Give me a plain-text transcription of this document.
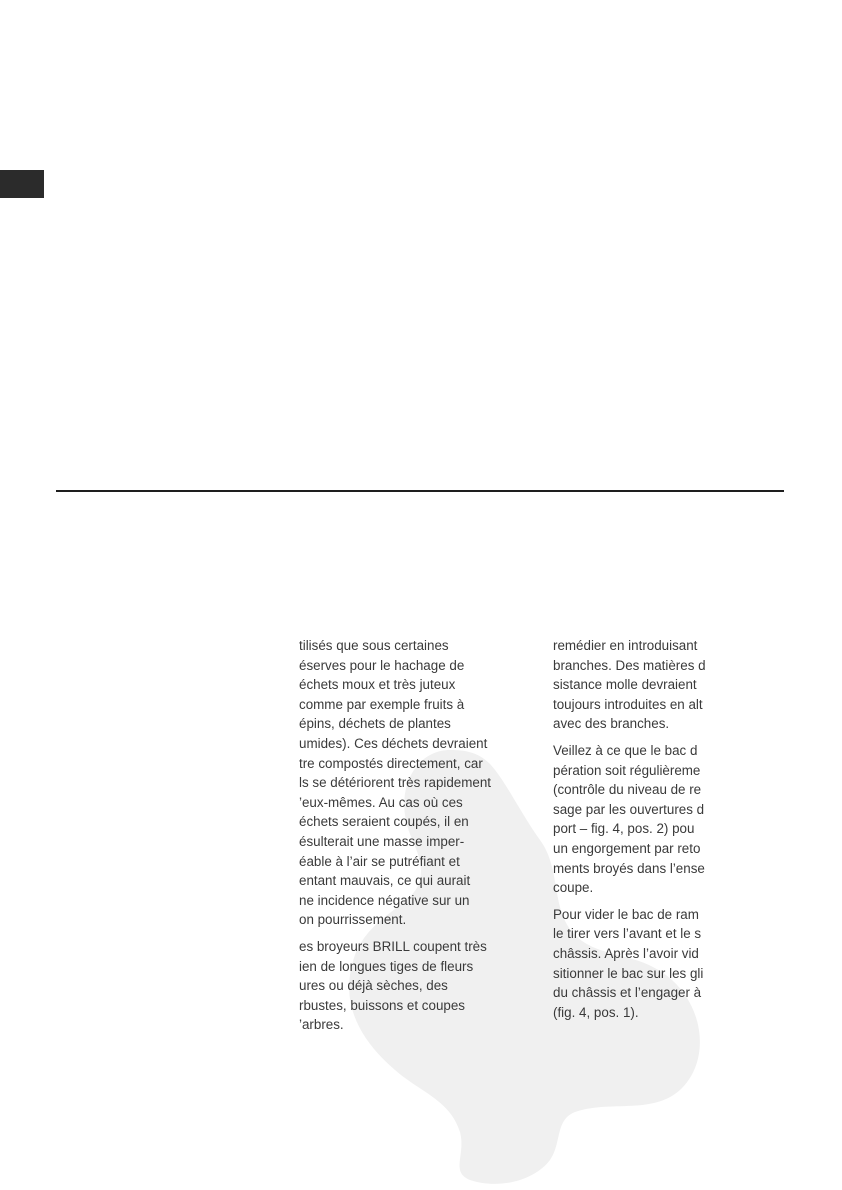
tilisés que sous certaines
éserves pour le hachage de
échets moux et très juteux
comme par exemple fruits à
épins, déchets de plantes
umides). Ces déchets devraient
tre compostés directement, car
ls se détériorent très rapidement
’eux-mêmes. Au cas où ces
échets seraient coupés, il en
ésulterait une masse imper-
éable à l’air se putréfiant et
entant mauvais, ce qui aurait
ne incidence négative sur un
on pourrissement.
es broyeurs BRILL coupent très
ien de longues tiges de fleurs
ures ou déjà sèches, des
rbustes, buissons et coupes
’arbres.
remédier en introduisant
branches. Des matières d
sistance molle devraient
toujours introduites en alt
avec des branches.
Veillez à ce que le bac d
pération soit régulièreme
(contrôle du niveau de re
sage par les ouvertures d
port – fig. 4, pos. 2) pou
un engorgement par reto
ments broyés dans l’ense
coupe.
Pour vider le bac de ram
le tirer vers l’avant et le s
châssis. Après l’avoir vid
sitionner le bac sur les gli
du châssis et l’engager à
(fig. 4, pos. 1).
